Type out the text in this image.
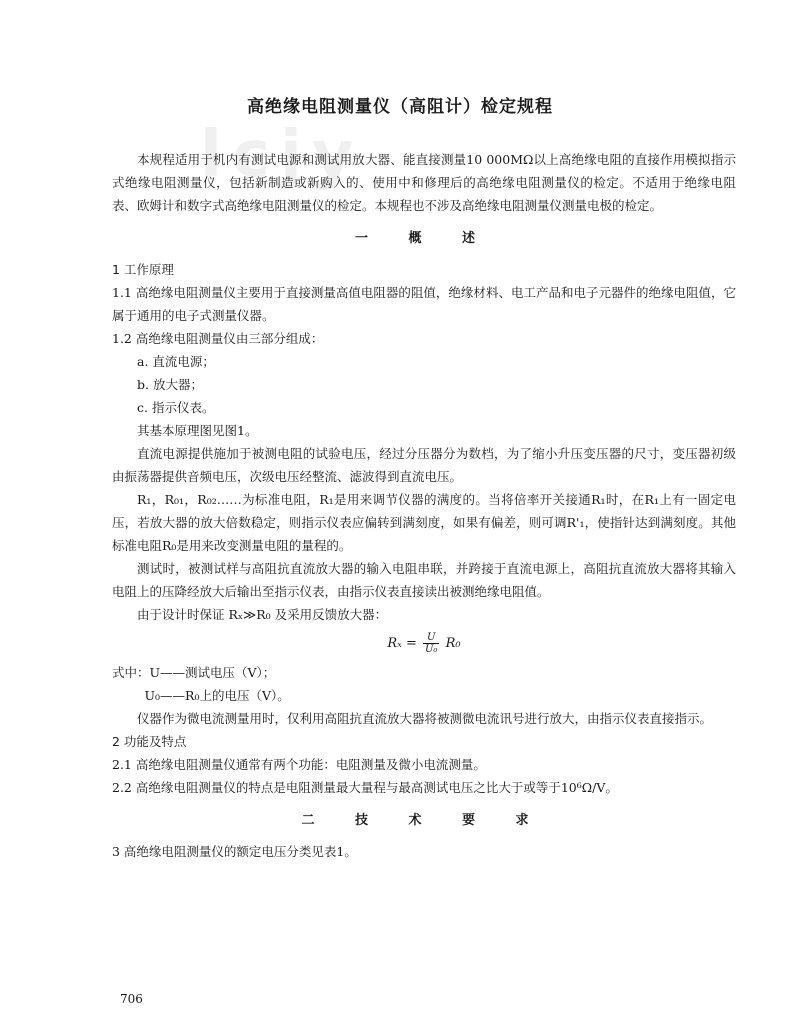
lcjy
高绝缘电阻测量仪（高阻计）检定规程

本规程适用于机内有测试电源和测试用放大器、能直接测量10 000MΩ以上高绝缘电阻的直接作用模拟指示式绝缘电阻测量仪，包括新制造或新购入的、使用中和修理后的高绝缘电阻测量仪的检定。不适用于绝缘电阻表、欧姆计和数字式高绝缘电阻测量仪的检定。本规程也不涉及高绝缘电阻测量仪测量电极的检定。

一 概 述

1 工作原理

1.1 高绝缘电阻测量仪主要用于直接测量高值电阻器的阻值，绝缘材料、电工产品和电子元器件的绝缘电阻值，它属于通用的电子式测量仪器。

1.2 高绝缘电阻测量仪由三部分组成：

a. 直流电源；

b. 放大器；

c. 指示仪表。

其基本原理图见图1。

直流电源提供施加于被测电阻的试验电压，经过分压器分为数档，为了缩小升压变压器的尺寸，变压器初级由振荡器提供音频电压，次级电压经整流、滤波得到直流电压。

R₁，R₀₁，R₀₂……为标准电阻，R₁是用来调节仪器的满度的。当将倍率开关接通R₁时，在R₁上有一固定电压，若放大器的放大倍数稳定，则指示仪表应偏转到满刻度，如果有偏差，则可调R'₁，使指针达到满刻度。其他标准电阻R₀是用来改变测量电阻的量程的。

测试时，被测试样与高阻抗直流放大器的输入电阻串联，并跨接于直流电源上，高阻抗直流放大器将其输入电阻上的压降经放大后输出至指示仪表，由指示仪表直接读出被测绝缘电阻值。

由于设计时保证 Rₓ≫R₀ 及采用反馈放大器：

$R_x = \frac{U}{\text{U₀}} R_0$

式中：U——测试电压（V）；

U₀——R₀上的电压（V）。

仪器作为微电流测量用时，仅利用高阻抗直流放大器将被测微电流讯号进行放大，由指示仪表直接指示。

2 功能及特点

2.1 高绝缘电阻测量仪通常有两个功能：电阻测量及微小电流测量。

2.2 高绝缘电阻测量仪的特点是电阻测量最大量程与最高测试电压之比大于或等于10⁶Ω/V。

二 技 术 要 求

3 高绝缘电阻测量仪的额定电压分类见表1。

706
